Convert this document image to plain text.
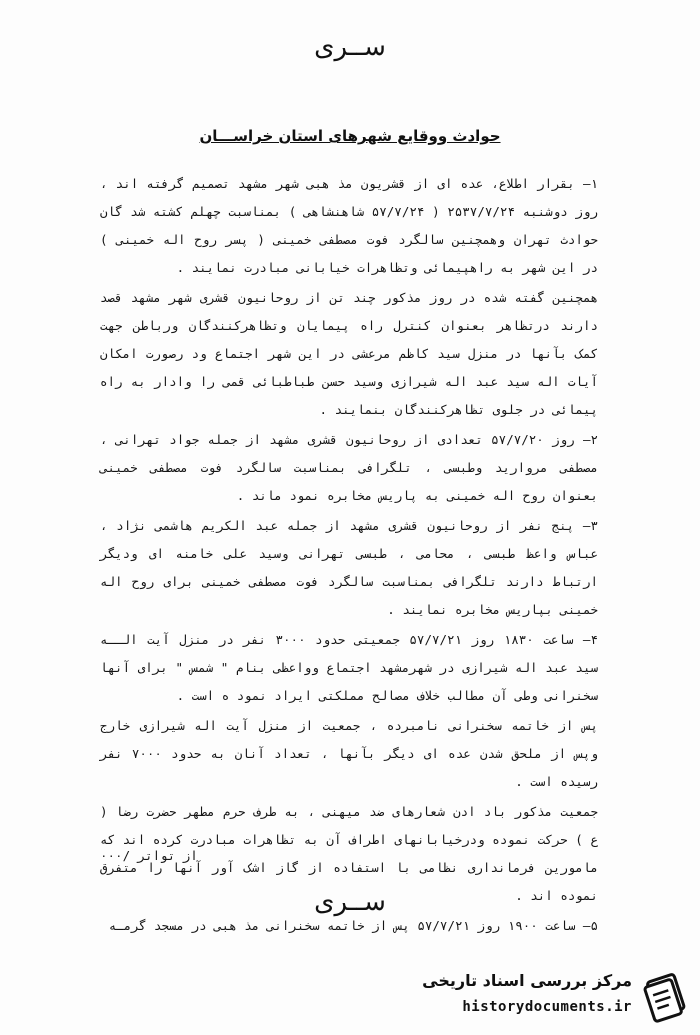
ســری
حوادث ووقایع شهرهای استان خراســـان

۱– بقرار اطلاع، عده ای از قشریون مذ هبی شهر مشهد تصمیم گرفته اند ، روز دوشنبه ۲۵۳۷/۷/۲۴ ( ۵۷/۷/۲۴ شاهنشاهی ) بمناسبت چهلم کشته شد گان حوادث تهران وهمچنین سالگرد فوت مصطفی خمینی ( پسر روح اله خمینی ) در این شهر به راهپیمائی وتظاهرات خیابانی مبادرت نمایند .

همچنین گفته شده در روز مذکور چند تن از روحانیون قشری شهر مشهد قصد دارند درتظاهر بعنوان کنترل راه پیمایان وتظاهرکنندگان ورباطن جهت کمک بآنها در منزل سید کاظم مرعشی در این شهر اجتماع ود رصورت امکان آیات اله سید عبد اله شیرازی وسید حسن طباطبائی قمی را وادار به راه پیمائی در جلوی تظاهرکنندگان بنمایند .

۲– روز ۵۷/۷/۲۰ تعدادی از روحانیون قشری مشهد از جمله جواد تهرانی ، مصطفی مروارید وطبسی ، تلگرافی بمناسبت سالگرد فوت مصطفی خمینی بعنوان روح اله خمینی به پاریس مخابره نمود ماند .

۳– پنج نفر از روحانیون قشری مشهد از جمله عبد الکریم هاشمی نژاد ، عباس واعظ طبسی ، محامی ، طبسی تهرانی وسید علی خامنه ای ودیگر ارتباط دارند تلگرافی بمناسبت سالگرد فوت مصطفی خمینی برای روح اله خمینی بپاریس مخابره نمایند .

۴– ساعت ۱۸۳۰ روز ۵۷/۷/۲۱ جمعیتی حدود ۳۰۰۰ نفر در منزل آیت الــه سید عبد اله شیرازی در شهرمشهد اجتماع وواعظی بنام " شمس " برای آنها سخنرانی وطی آن مطالب خلاف مصالح مملکتی ایراد نمود ه است .

پس از خاتمه سخنرانی نامبرده ، جمعیت از منزل آیت اله شیرازی خارج وپس از ملحق شدن عده ای دیگر بآنها ، تعداد آنان به حدود ۷۰۰۰ نفر رسیده است .

جمعیت مذکور باد ادن شعارهای ضد میهنی ، به طرف حرم مطهر حضرت رضا ( ع ) حرکت نموده ودرخیابانهای اطراف آن به تظاهرات مبادرت کرده اند که مامورین فرمانداری نظامی با استفاده از گاز اشک آور آنها را متفرق نموده اند .

۵– ساعت ۱۹۰۰ روز ۵۷/۷/۲۱ پس از خاتمه سخنرانی مذ هبی در مسجد گرمـه

از تواتر /٠٠٠
ســری
مرکز بررسی اسناد تاریخی
historydocuments.ir
